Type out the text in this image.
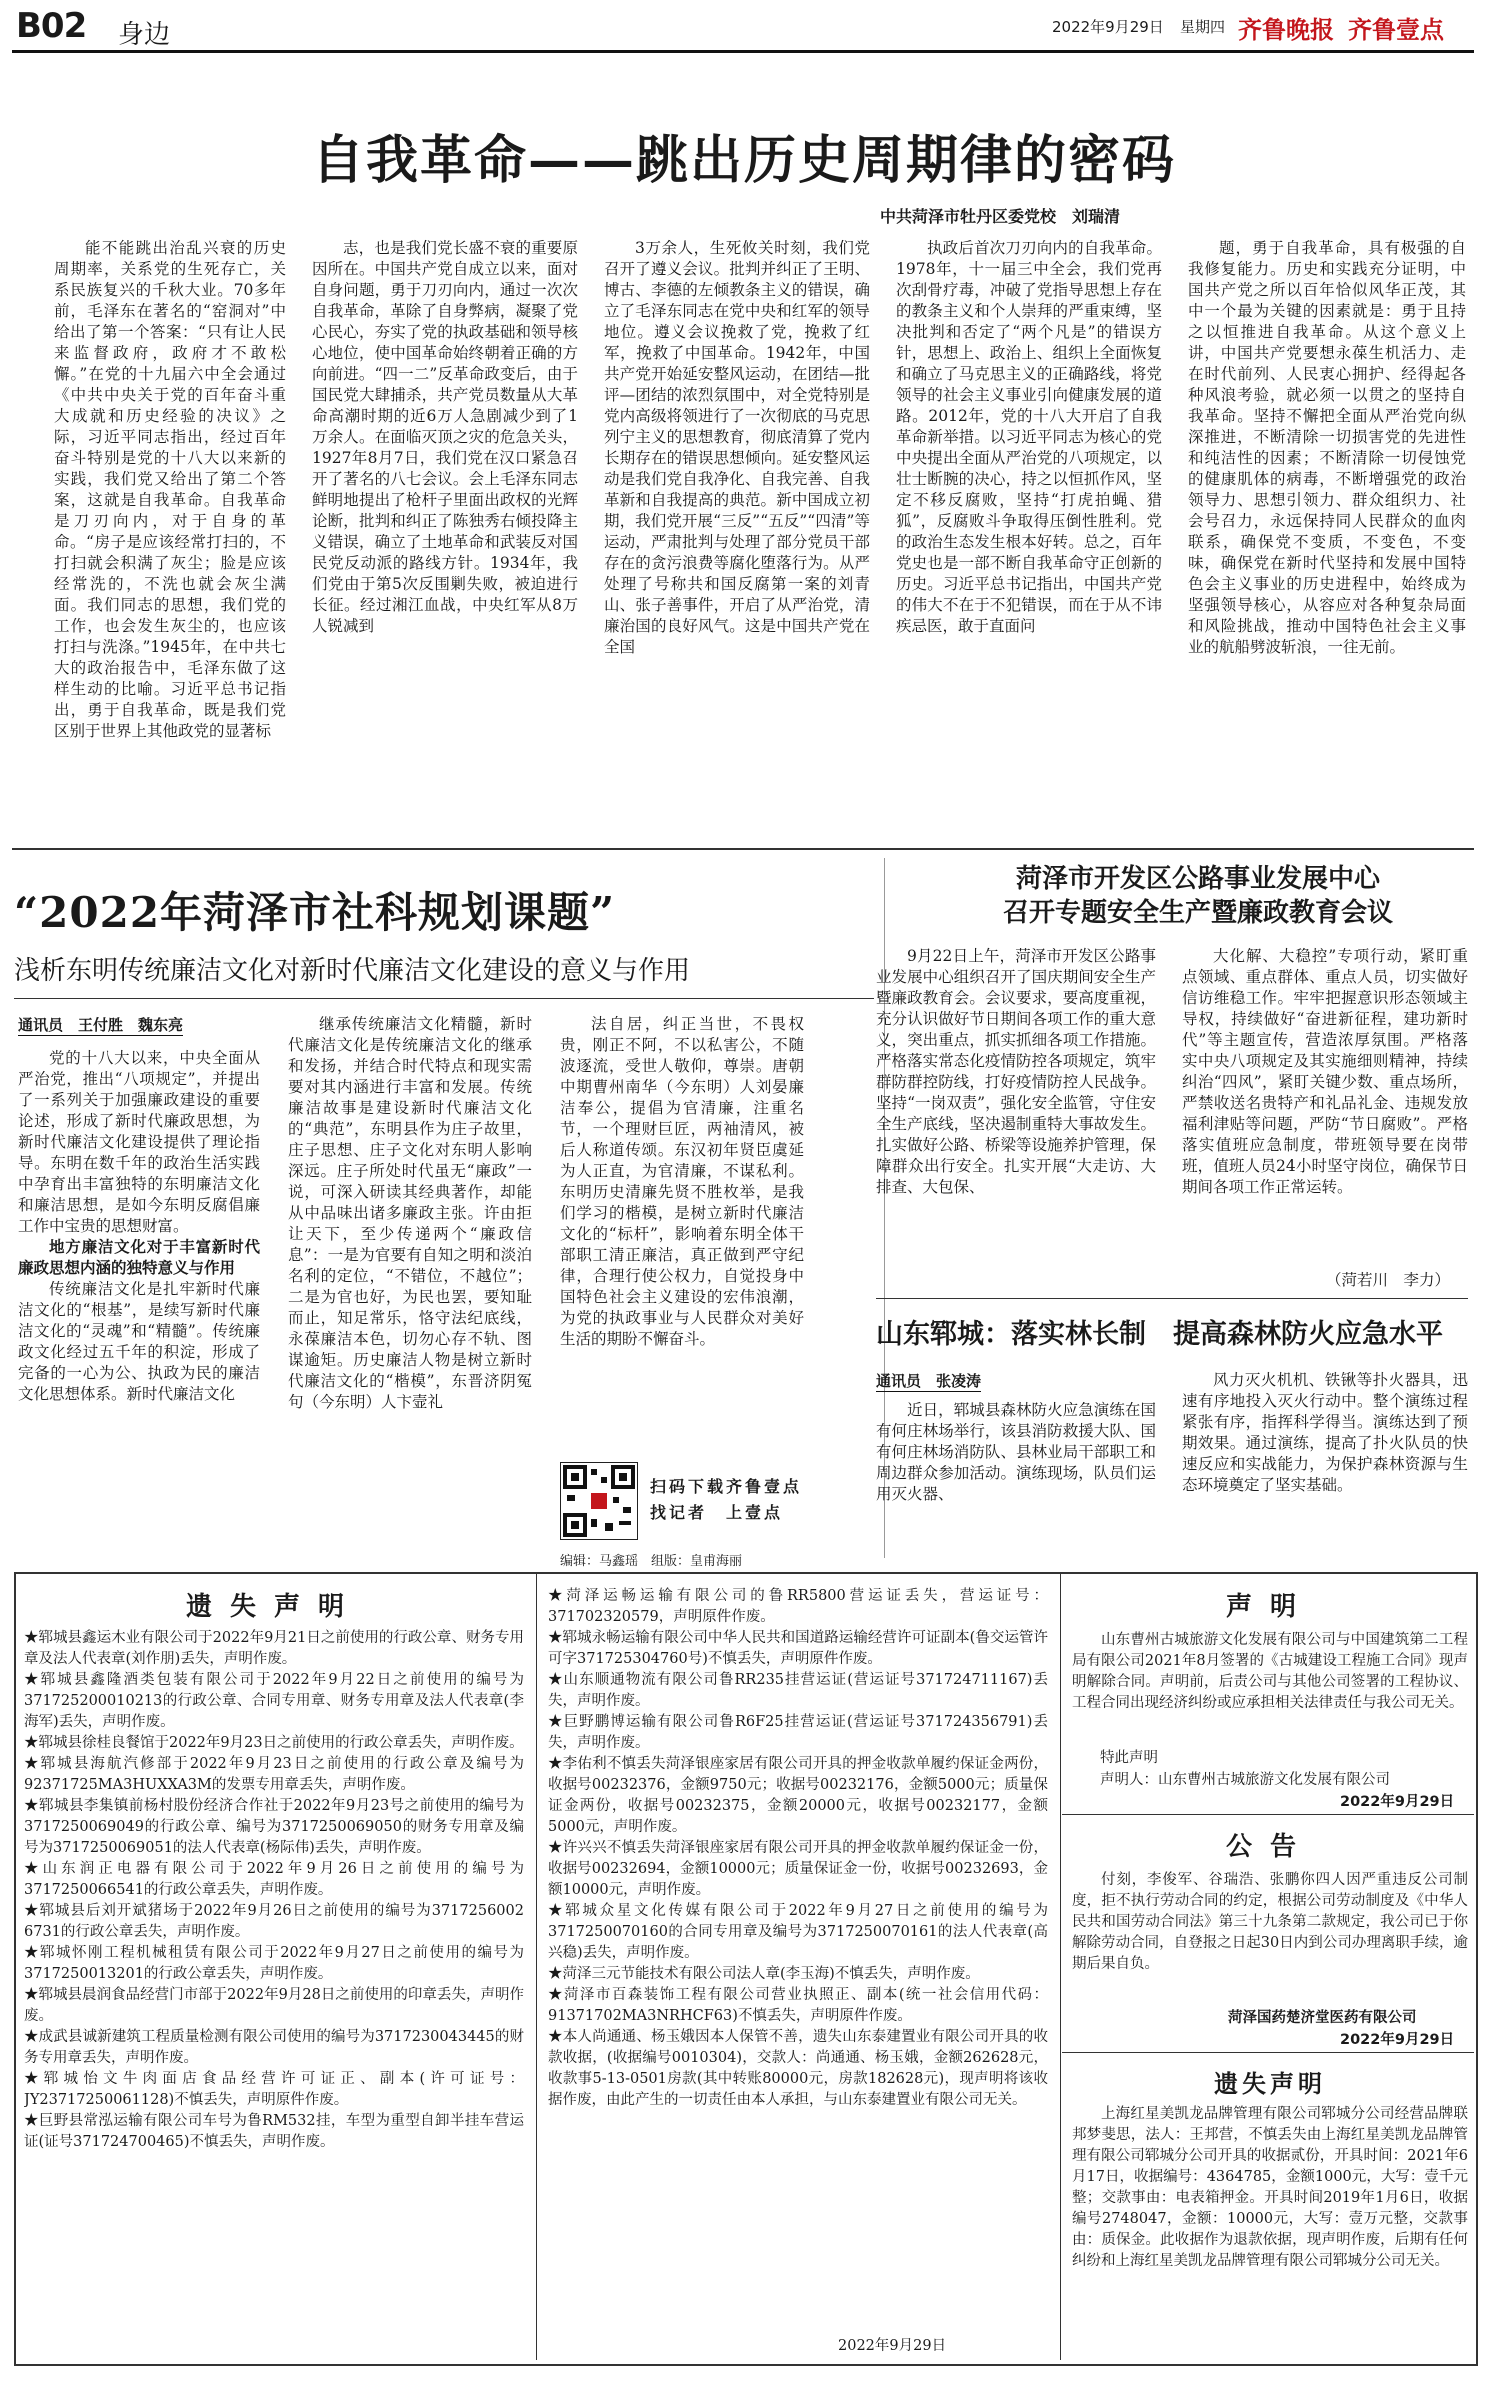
B02 身边	2022年9月29日 星期四 齐鲁晚报 齐鲁壹点
自我革命——跳出历史周期律的密码
中共菏泽市牡丹区委党校　刘瑞清

能不能跳出治乱兴衰的历史周期率，关系党的生死存亡，关系民族复兴的千秋大业。70多年前，毛泽东在著名的“窑洞对”中给出了第一个答案：“只有让人民来监督政府，政府才不敢松懈。”在党的十九届六中全会通过《中共中央关于党的百年奋斗重大成就和历史经验的决议》之际，习近平同志指出，经过百年奋斗特别是党的十八大以来新的实践，我们党又给出了第二个答案，这就是自我革命。自我革命是刀刃向内，对于自身的革命。“房子是应该经常打扫的，不打扫就会积满了灰尘；脸是应该经常洗的，不洗也就会灰尘满面。我们同志的思想，我们党的工作，也会发生灰尘的，也应该打扫与洗涤。”1945年，在中共七大的政治报告中，毛泽东做了这样生动的比喻。习近平总书记指出，勇于自我革命，既是我们党区别于世界上其他政党的显著标

志，也是我们党长盛不衰的重要原因所在。中国共产党自成立以来，面对自身问题，勇于刀刃向内，通过一次次自我革命，革除了自身弊病，凝聚了党心民心，夯实了党的执政基础和领导核心地位，使中国革命始终朝着正确的方向前进。“四一二”反革命政变后，由于国民党大肆捕杀，共产党员数量从大革命高潮时期的近6万人急剧减少到了1万余人。在面临灭顶之灾的危急关头，1927年8月7日，我们党在汉口紧急召开了著名的八七会议。会上毛泽东同志鲜明地提出了枪杆子里面出政权的光辉论断，批判和纠正了陈独秀右倾投降主义错误，确立了土地革命和武装反对国民党反动派的路线方针。1934年，我们党由于第5次反围剿失败，被迫进行长征。经过湘江血战，中央红军从8万人锐减到

3万余人，生死攸关时刻，我们党召开了遵义会议。批判并纠正了王明、博古、李德的左倾教条主义的错误，确立了毛泽东同志在党中央和红军的领导地位。遵义会议挽救了党，挽救了红军，挽救了中国革命。1942年，中国共产党开始延安整风运动，在团结—批评—团结的浓烈氛围中，对全党特别是党内高级将领进行了一次彻底的马克思列宁主义的思想教育，彻底清算了党内长期存在的错误思想倾向。延安整风运动是我们党自我净化、自我完善、自我革新和自我提高的典范。新中国成立初期，我们党开展“三反”“五反”“四清”等运动，严肃批判与处理了部分党员干部存在的贪污浪费等腐化堕落行为。从严处理了号称共和国反腐第一案的刘青山、张子善事件，开启了从严治党，清廉治国的良好风气。这是中国共产党在全国

执政后首次刀刃向内的自我革命。1978年，十一届三中全会，我们党再次刮骨疗毒，冲破了党指导思想上存在的教条主义和个人崇拜的严重束缚，坚决批判和否定了“两个凡是”的错误方针，思想上、政治上、组织上全面恢复和确立了马克思主义的正确路线，将党领导的社会主义事业引向健康发展的道路。2012年，党的十八大开启了自我革命新举措。以习近平同志为核心的党中央提出全面从严治党的八项规定，以壮士断腕的决心，持之以恒抓作风，坚定不移反腐败，坚持“打虎拍蝇、猎狐”，反腐败斗争取得压倒性胜利。党的政治生态发生根本好转。总之，百年党史也是一部不断自我革命守正创新的历史。习近平总书记指出，中国共产党的伟大不在于不犯错误，而在于从不讳疾忌医，敢于直面问

题，勇于自我革命，具有极强的自我修复能力。历史和实践充分证明，中国共产党之所以百年恰似风华正茂，其中一个最为关键的因素就是：勇于且持之以恒推进自我革命。从这个意义上讲，中国共产党要想永葆生机活力、走在时代前列、人民衷心拥护、经得起各种风浪考验，就必须一以贯之的坚持自我革命。坚持不懈把全面从严治党向纵深推进，不断清除一切损害党的先进性和纯洁性的因素；不断清除一切侵蚀党的健康肌体的病毒，不断增强党的政治领导力、思想引领力、群众组织力、社会号召力，永远保持同人民群众的血肉联系，确保党不变质，不变色，不变味，确保党在新时代坚持和发展中国特色会主义事业的历史进程中，始终成为坚强领导核心，从容应对各种复杂局面和风险挑战，推动中国特色社会主义事业的航船劈波斩浪，一往无前。

“2022年菏泽市社科规划课题”
浅析东明传统廉洁文化对新时代廉洁文化建设的意义与作用
通讯员　王付胜　魏东亮

党的十八大以来，中央全面从严治党，推出“八项规定”，并提出了一系列关于加强廉政建设的重要论述，形成了新时代廉政思想，为新时代廉洁文化建设提供了理论指导。东明在数千年的政治生活实践中孕育出丰富独特的东明廉洁文化和廉洁思想，是如今东明反腐倡廉工作中宝贵的思想财富。

地方廉洁文化对于丰富新时代廉政思想内涵的独特意义与作用

传统廉洁文化是扎牢新时代廉洁文化的“根基”，是续写新时代廉洁文化的“灵魂”和“精髓”。传统廉政文化经过五千年的积淀，形成了完备的一心为公、执政为民的廉洁文化思想体系。新时代廉洁文化

继承传统廉洁文化精髓，新时代廉洁文化是传统廉洁文化的继承和发扬，并结合时代特点和现实需要对其内涵进行丰富和发展。传统廉洁故事是建设新时代廉洁文化的“典范”，东明县作为庄子故里，庄子思想、庄子文化对东明人影响深远。庄子所处时代虽无“廉政”一说，可深入研读其经典著作，却能从中品味出诸多廉政主张。许由拒让天下，至少传递两个“廉政信息”：一是为官要有自知之明和淡泊名利的定位，“不错位，不越位”；二是为官也好，为民也罢，要知耻而止，知足常乐，恪守法纪底线，永葆廉洁本色，切勿心存不轨、图谋逾矩。历史廉洁人物是树立新时代廉洁文化的“楷模”，东晋济阴冤句（今东明）人卞壸礼

法自居，纠正当世，不畏权贵，刚正不阿，不以私害公，不随波逐流，受世人敬仰，尊崇。唐朝中期曹州南华（今东明）人刘晏廉洁奉公，提倡为官清廉，注重名节，一个理财巨匠，两袖清风，被后人称道传颂。东汉初年贤臣虞延为人正直，为官清廉，不谋私利。东明历史清廉先贤不胜枚举，是我们学习的楷模，是树立新时代廉洁文化的“标杆”，影响着东明全体干部职工清正廉洁，真正做到严守纪律，合理行使公权力，自觉投身中国特色社会主义建设的宏伟浪潮，为党的执政事业与人民群众对美好生活的期盼不懈奋斗。

扫码下载齐鲁壹点
找记者　上壹点
编辑：马鑫瑶　组版：皇甫海丽
菏泽市开发区公路事业发展中心
召开专题安全生产暨廉政教育会议

9月22日上午，菏泽市开发区公路事业发展中心组织召开了国庆期间安全生产暨廉政教育会。会议要求，要高度重视，充分认识做好节日期间各项工作的重大意义，突出重点，抓实抓细各项工作措施。严格落实常态化疫情防控各项规定，筑牢群防群控防线，打好疫情防控人民战争。坚持“一岗双责”，强化安全监管，守住安全生产底线，坚决遏制重特大事故发生。扎实做好公路、桥梁等设施养护管理，保障群众出行安全。扎实开展“大走访、大排查、大包保、

大化解、大稳控”专项行动，紧盯重点领域、重点群体、重点人员，切实做好信访维稳工作。牢牢把握意识形态领域主导权，持续做好“奋进新征程，建功新时代”等主题宣传，营造浓厚氛围。严格落实中央八项规定及其实施细则精神，持续纠治“四风”，紧盯关键少数、重点场所，严禁收送名贵特产和礼品礼金、违规发放福利津贴等问题，严防“节日腐败”。严格落实值班应急制度，带班领导要在岗带班，值班人员24小时坚守岗位，确保节日期间各项工作正常运转。

（菏若川　李力）
山东郓城：落实林长制　提高森林防火应急水平
通讯员　张凌涛

近日，郓城县森林防火应急演练在国有何庄林场举行，该县消防救援大队、国有何庄林场消防队、县林业局干部职工和周边群众参加活动。演练现场，队员们运用灭火器、

风力灭火机机、铁锹等扑火器具，迅速有序地投入灭火行动中。整个演练过程紧张有序，指挥科学得当。演练达到了预期效果。通过演练，提高了扑火队员的快速反应和实战能力，为保护森林资源与生态环境奠定了坚实基础。

遗失声明

★郓城县鑫运木业有限公司于2022年9月21日之前使用的行政公章、财务专用章及法人代表章(刘作朋)丢失，声明作废。

★郓城县鑫隆酒类包装有限公司于2022年9月22日之前使用的编号为3717252000102​13的行政公章、合同专用章、财务专用章及法人代表章(李海军)丢失，声明作废。

★郓城县徐桂良餐馆于2022年9月23日之前使用的行政公章丢失，声明作废。

★郓城县海航汽修部于2022年9月23日之前使用的行政公章及编号为92371725MA3HUXXA3M的发票专用章丢失，声明作废。

★郓城县李集镇前杨村股份经济合作社于2022年9月23号之前使用的编号为3717250069049的行政公章、编号为371725006905​0的财务专用章及编号为3717250069051的法人代表章(杨际伟)丢失，声明作废。

★山东润正电器有限公司于2022年9月26日之前使用的编号为3717250066541的行政公章丢失，声明作废。

★郓城县后刘开斌猪场于2022年9月26日之前使用的编号为3717256002​6731的行政公章丢失，声明作废。

★郓城怀刚工程机械租赁有限公司于2022年9月27日之前使用的编号为3717250013201的行政公章丢失，声明作废。

★郓城县晨润食品经营门市部于2022年9月28日之前使用的印章丢失，声明作废。

★成武县诚新建筑工程质量检测有限公司使用的编号为3717230043445的财务专用章丢失，声明作废。

★郓城怡文牛肉面店食品经营许可证正、副本(许可证号：JY23717250061128)不慎丢失，声明原件作废。

★巨野县常泓运输有限公司车号为鲁RM532挂，车型为重型自卸半挂车营运证(证号371724700465)不慎丢失，声明作废。

★菏泽运畅运输有限公司的鲁RR5800营运证丢失，营运证号：371702320579，声明原件作废。

★郓城永畅运输有限公司中华人民共和国道路运输经营许可证副本(鲁交运管许可字37172530476​0号)不慎丢失，声明原件作废。

★山东顺通物流有限公司鲁RR235挂营运证(营运证号371724711167)丢失，声明作废。

★巨野鹏博运输有限公司鲁R6F25挂营运证(营运证号371724356791)丢失，声明作废。

★李佑利不慎丢失菏泽银座家居有限公司开具的押金收款单履约保证金两份，收据号00232376，金额9750元；收据号00232176，金额5000元；质量保证金两份，收据号00232375，金额20000元，收据号00232177，金额5000元，声明作废。

★许兴兴不慎丢失菏泽银座家居有限公司开具的押金收款单履约保证金一份，收据号00232694，金额10000元；质量保证金一份，收据号00232693，金额10000元，声明作废。

★郓城众星文化传媒有限公司于2022年9月27日之前使用的编号为3717250070160的合同专用章及编号为3717250070161的法人代表章(高兴稳)丢失，声明作废。

★菏泽三元节能技术有限公司法人章(李玉海)不慎丢失，声明作废。

★菏泽市百森装饰工程有限公司营业执照正、副本(统一社会信用代码：91371702MA3NRHCF63)不慎丢失，声明原件作废。

★本人尚通通、杨玉娥因本人保管不善，遗失山东泰建置业有限公司开具的收款收据，(收据编号0010304)，交款人：尚通通、杨玉娥，金额262628元，收款事5-13-0501房款(其中转账80000元，房款182628元)，现声明将该收据作废，由此产生的一切责任由本人承担，与山东泰建置业有限公司无关。

2022年9月29日
声明

山东曹州古城旅游文化发展有限公司与中国建筑第二工程局有限公司2021年8月签署的《古城建设工程施工合同》现声明解除合同。声明前，后责公司与其他公司签署的工程协议、工程合同出现经济纠纷或应承担相关法律责任与我公司无关。

特此声明
声明人：山东曹州古城旅游文化发展有限公司
2022年9月29日
公告

付刻，李俊军、谷瑞浩、张鹏你四人因严重违反公司制度，拒不执行劳动合同的约定，根据公司劳动制度及《中华人民共和国劳动合同法》第三十九条第二款规定，我公司已于你解除劳动合同，自登报之日起30日内到公司办理离职手续，逾期后果自负。

菏泽国药楚济堂医药有限公司
2022年9月29日
遗失声明

上海红星美凯龙品牌管理有限公司郓城分公司经营品牌联邦梦斐思，法人：王邦营，不慎丢失由上海红星美凯龙品牌管理有限公司郓城分公司开具的收据贰份，开具时间：2021年6月17日，收据编号：4364785，金额1000元，大写：壹千元整；交款事由：电表箱押金。开具时间2019年1月6日，收据编号2748047，金额：10000元，大写：壹万元整，交款事由：质保金。此收据作为退款依据，现声明作废，后期有任何纠纷和上海红星美凯龙品牌管理有限公司郓城分公司无关。
